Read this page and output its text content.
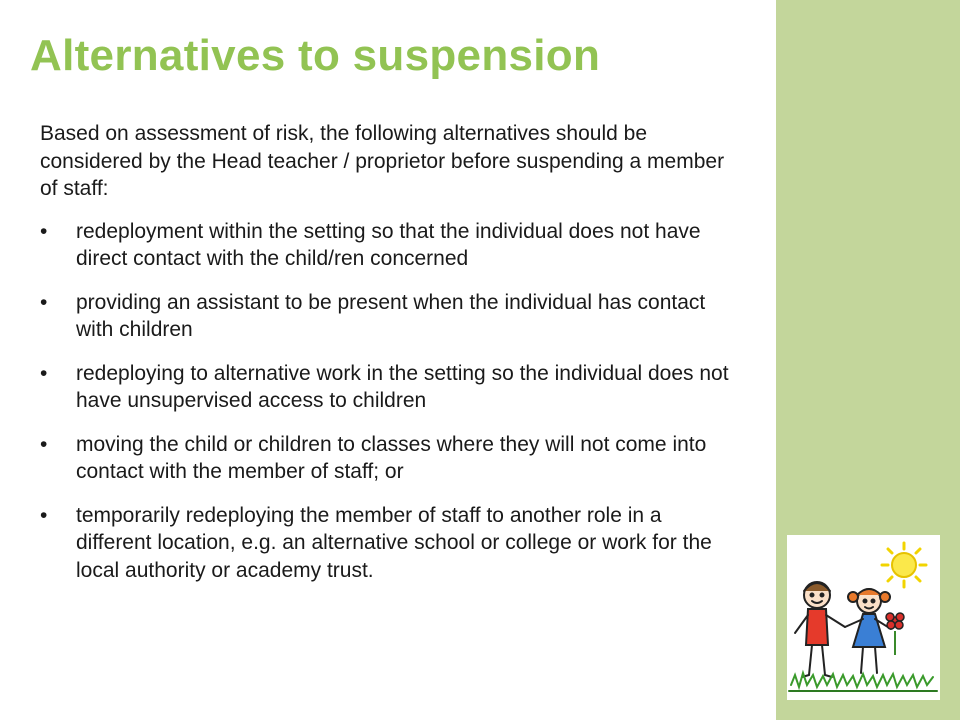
Alternatives to suspension

Based on assessment of risk, the following alternatives should be considered by the Head teacher / proprietor before suspending a member of staff:

• redeployment within the setting so that the individual does not have direct contact with the child/ren concerned
• providing an assistant to be present when the individual has contact with children
• redeploying to alternative work in the setting so the individual does not have unsupervised access to children
• moving the child or children to classes where they will not come into contact with the member of staff; or
• temporarily redeploying the member of staff to another role in a different location, e.g. an alternative school or college or work for the local authority or academy trust.
